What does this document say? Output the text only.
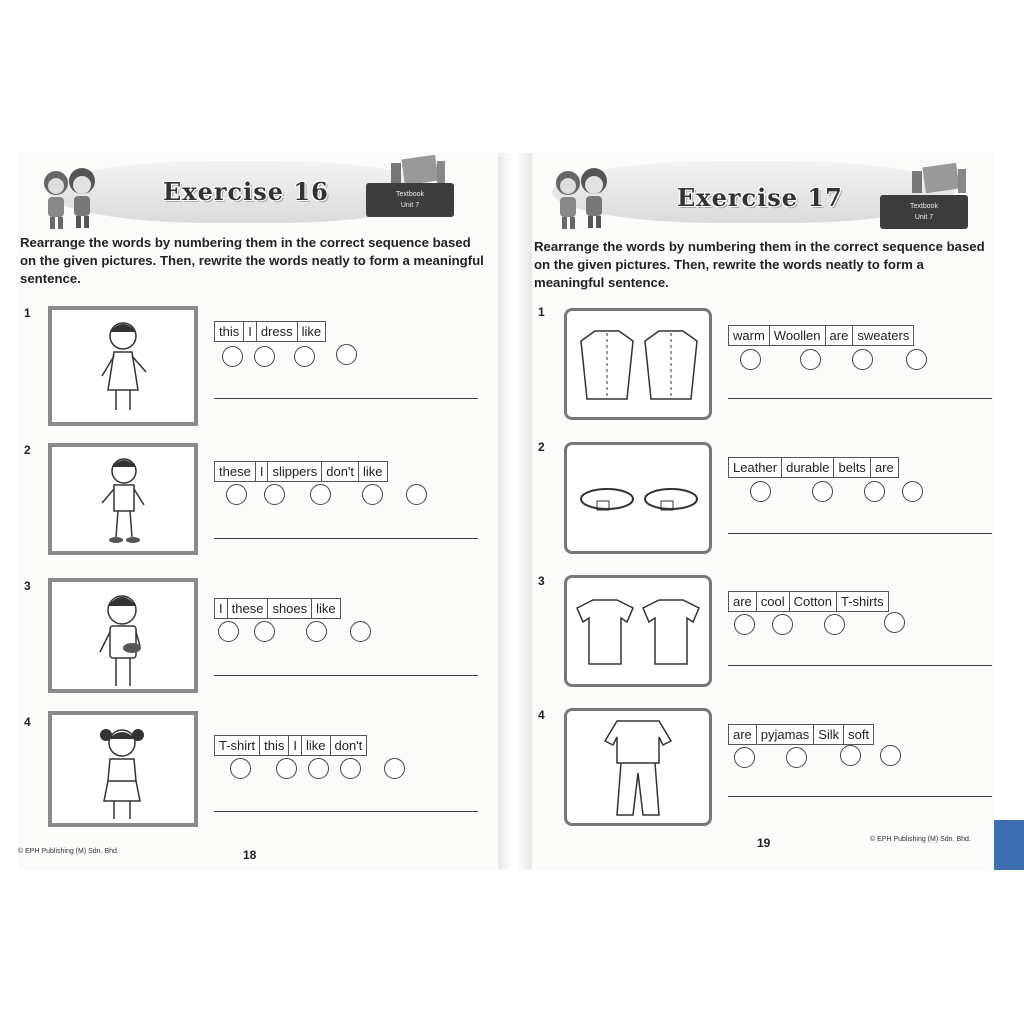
Exercise 16	Textbook
Unit 7
Rearrange the words by numbering them in the correct sequence based on the given pictures. Then, rewrite the words neatly to form a meaningful sentence.
1
this I dress like
2
these I slippers don't like
3
I these shoes like
4
T-shirt this I like don't
© EPH Publishing (M) Sdn. Bhd.	18
Exercise 17	Textbook
Unit 7
Rearrange the words by numbering them in the correct sequence based on the given pictures. Then, rewrite the words neatly to form a meaningful sentence.
1
warm Woollen are sweaters
2
Leather durable belts are
3
are cool Cotton T-shirts
4
are pyjamas Silk soft
19	© EPH Publishing (M) Sdn. Bhd.
